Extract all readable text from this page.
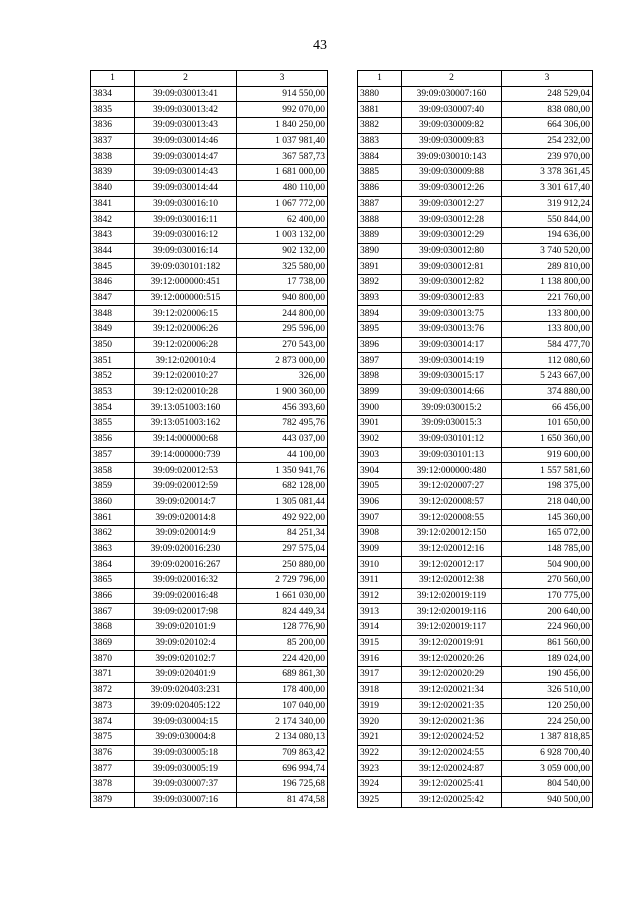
43
1	2	3
3834	39:09:030013:41	914 550,00
3835	39:09:030013:42	992 070,00
3836	39:09:030013:43	1 840 250,00
3837	39:09:030014:46	1 037 981,40
3838	39:09:030014:47	367 587,73
3839	39:09:030014:43	1 681 000,00
3840	39:09:030014:44	480 110,00
3841	39:09:030016:10	1 067 772,00
3842	39:09:030016:11	62 400,00
3843	39:09:030016:12	1 003 132,00
3844	39:09:030016:14	902 132,00
3845	39:09:030101:182	325 580,00
3846	39:12:000000:451	17 738,00
3847	39:12:000000:515	940 800,00
3848	39:12:020006:15	244 800,00
3849	39:12:020006:26	295 596,00
3850	39:12:020006:28	270 543,00
3851	39:12:020010:4	2 873 000,00
3852	39:12:020010:27	326,00
3853	39:12:020010:28	1 900 360,00
3854	39:13:051003:160	456 393,60
3855	39:13:051003:162	782 495,76
3856	39:14:000000:68	443 037,00
3857	39:14:000000:739	44 100,00
3858	39:09:020012:53	1 350 941,76
3859	39:09:020012:59	682 128,00
3860	39:09:020014:7	1 305 081,44
3861	39:09:020014:8	492 922,00
3862	39:09:020014:9	84 251,34
3863	39:09:020016:230	297 575,04
3864	39:09:020016:267	250 880,00
3865	39:09:020016:32	2 729 796,00
3866	39:09:020016:48	1 661 030,00
3867	39:09:020017:98	824 449,34
3868	39:09:020101:9	128 776,90
3869	39:09:020102:4	85 200,00
3870	39:09:020102:7	224 420,00
3871	39:09:020401:9	689 861,30
3872	39:09:020403:231	178 400,00
3873	39:09:020405:122	107 040,00
3874	39:09:030004:15	2 174 340,00
3875	39:09:030004:8	2 134 080,13
3876	39:09:030005:18	709 863,42
3877	39:09:030005:19	696 994,74
3878	39:09:030007:37	196 725,68
3879	39:09:030007:16	81 474,58
1	2	3
3880	39:09:030007:160	248 529,04
3881	39:09:030007:40	838 080,00
3882	39:09:030009:82	664 306,00
3883	39:09:030009:83	254 232,00
3884	39:09:030010:143	239 970,00
3885	39:09:030009:88	3 378 361,45
3886	39:09:030012:26	3 301 617,40
3887	39:09:030012:27	319 912,24
3888	39:09:030012:28	550 844,00
3889	39:09:030012:29	194 636,00
3890	39:09:030012:80	3 740 520,00
3891	39:09:030012:81	289 810,00
3892	39:09:030012:82	1 138 800,00
3893	39:09:030012:83	221 760,00
3894	39:09:030013:75	133 800,00
3895	39:09:030013:76	133 800,00
3896	39:09:030014:17	584 477,70
3897	39:09:030014:19	112 080,60
3898	39:09:030015:17	5 243 667,00
3899	39:09:030014:66	374 880,00
3900	39:09:030015:2	66 456,00
3901	39:09:030015:3	101 650,00
3902	39:09:030101:12	1 650 360,00
3903	39:09:030101:13	919 600,00
3904	39:12:000000:480	1 557 581,60
3905	39:12:020007:27	198 375,00
3906	39:12:020008:57	218 040,00
3907	39:12:020008:55	145 360,00
3908	39:12:020012:150	165 072,00
3909	39:12:020012:16	148 785,00
3910	39:12:020012:17	504 900,00
3911	39:12:020012:38	270 560,00
3912	39:12:020019:119	170 775,00
3913	39:12:020019:116	200 640,00
3914	39:12:020019:117	224 960,00
3915	39:12:020019:91	861 560,00
3916	39:12:020020:26	189 024,00
3917	39:12:020020:29	190 456,00
3918	39:12:020021:34	326 510,00
3919	39:12:020021:35	120 250,00
3920	39:12:020021:36	224 250,00
3921	39:12:020024:52	1 387 818,85
3922	39:12:020024:55	6 928 700,40
3923	39:12:020024:87	3 059 000,00
3924	39:12:020025:41	804 540,00
3925	39:12:020025:42	940 500,00
